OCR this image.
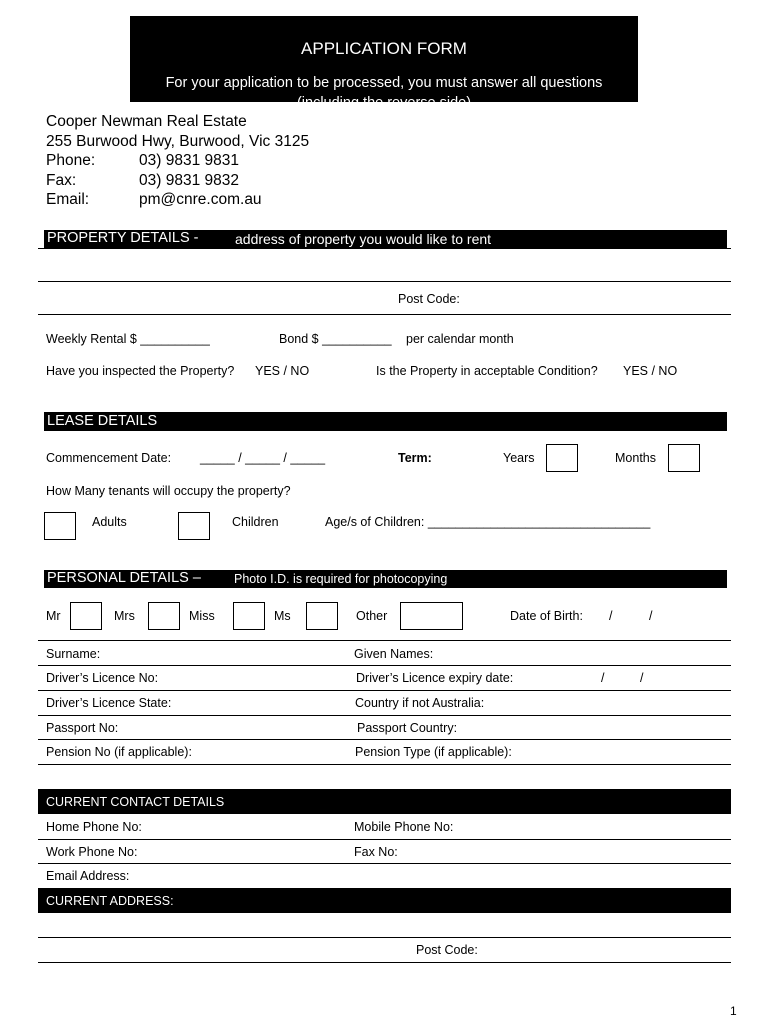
APPLICATION FORM
For your application to be processed, you must answer all questions
(including the reverse side)
Cooper Newman Real Estate
255 Burwood Hwy, Burwood, Vic 3125
Phone:	03) 9831 9831
Fax:	03) 9831 9832
Email:	pm@cnre.com.au
PROPERTY DETAILS -	address of property you would like to rent
Post Code:
Weekly Rental $ __________	Bond $ __________ per calendar month
Have you inspected the Property? YES / NO	Is the Property in acceptable Condition? YES / NO
LEASE DETAILS
Commencement Date: _____ / _____ / _____	Term:	Years	Months
How Many tenants will occupy the property?
Adults	Children	Age/s of Children: ________________________________
PERSONAL DETAILS –	Photo I.D. is required for photocopying
Mr	Mrs	Miss	Ms	Other	Date of Birth: /	/
Surname:	Given Names:
Driver’s Licence No:	Driver’s Licence expiry date:	/	/
Driver’s Licence State:	Country if not Australia:
Passport No:	Passport Country:
Pension No (if applicable):	Pension Type (if applicable):
CURRENT CONTACT DETAILS
Home Phone No:	Mobile Phone No:
Work Phone No:	Fax No:
Email Address:
CURRENT ADDRESS:
Post Code:
1
